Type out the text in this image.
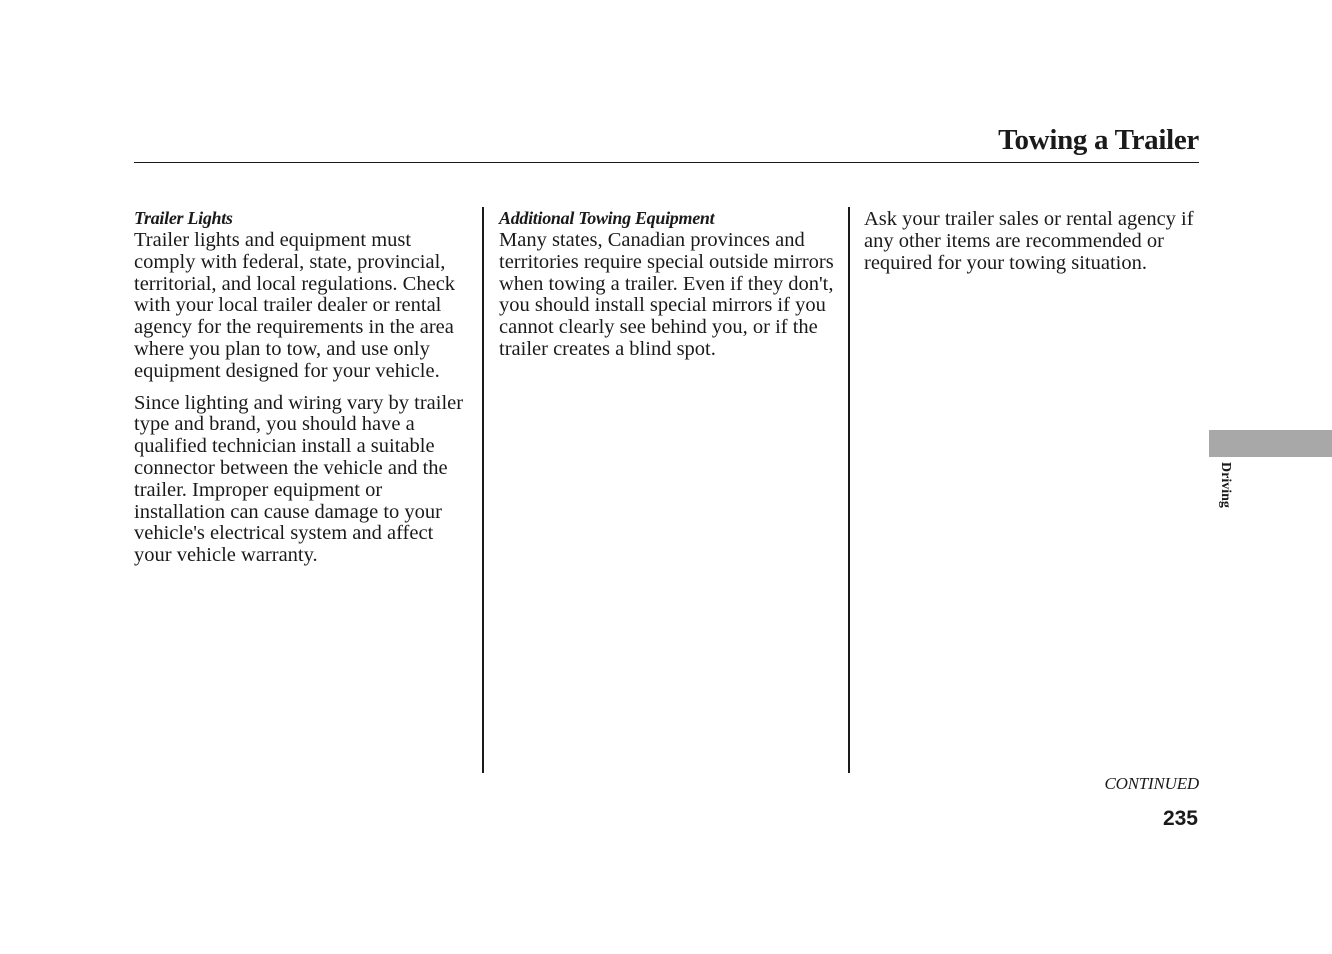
Towing a Trailer
Trailer Lights

Trailer lights and equipment must comply with federal, state, provincial, territorial, and local regulations. Check with your local trailer dealer or rental agency for the requirements in the area where you plan to tow, and use only equipment designed for your vehicle.

Since lighting and wiring vary by trailer type and brand, you should have a qualified technician install a suitable connector between the vehicle and the trailer. Improper equipment or installation can cause damage to your vehicle's electrical system and affect your vehicle warranty.

Additional Towing Equipment

Many states, Canadian provinces and territories require special outside mirrors when towing a trailer. Even if they don't, you should install special mirrors if you cannot clearly see behind you, or if the trailer creates a blind spot.

Ask your trailer sales or rental agency if any other items are recommended or required for your towing situation.

Driving
CONTINUED
235
